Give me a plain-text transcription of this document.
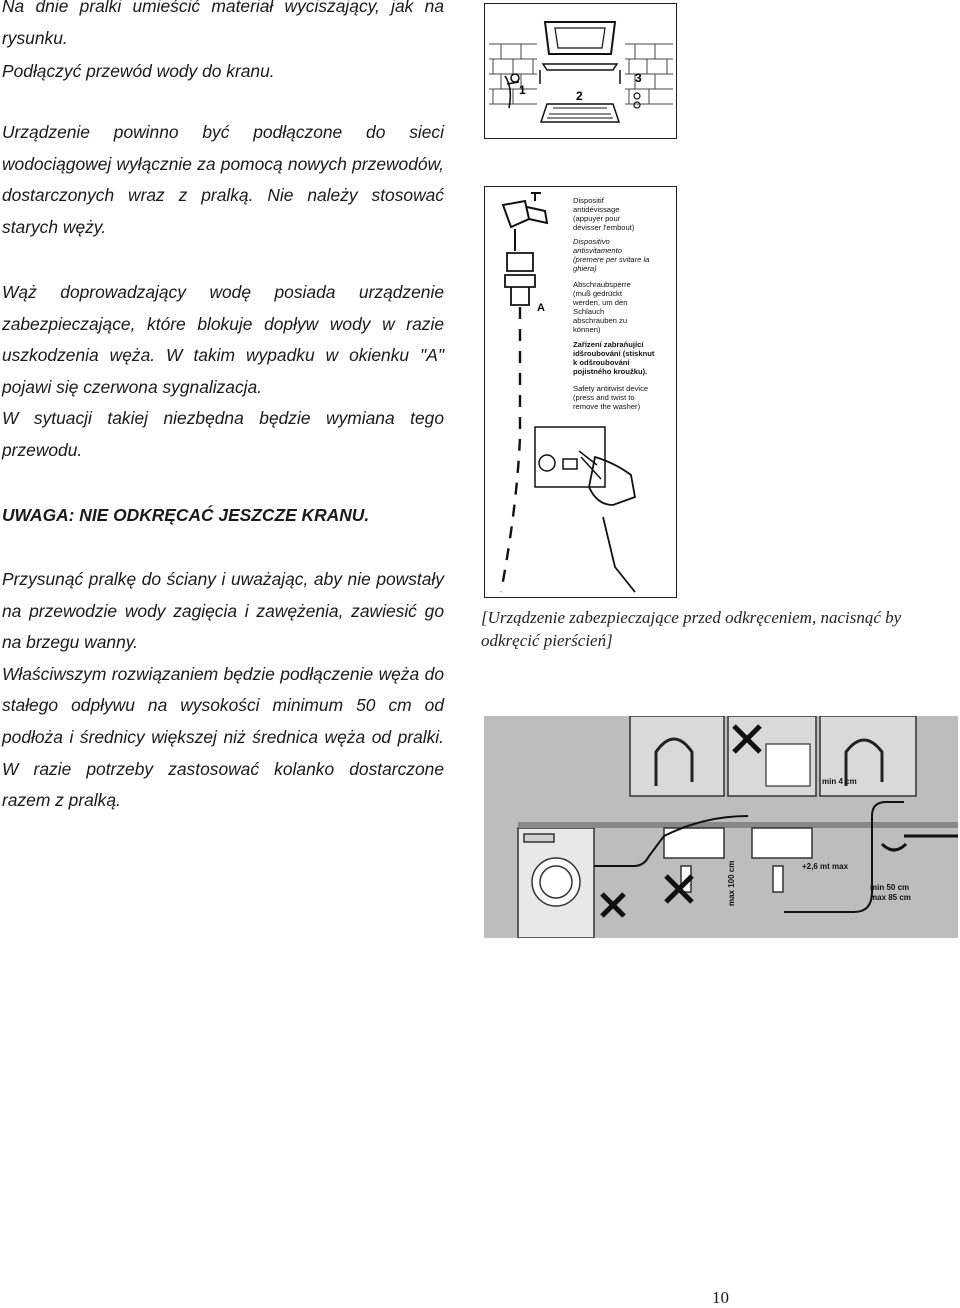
Na dnie pralki umieścić materiał wyciszający, jak na rysunku.

Podłączyć przewód wody do kranu.

Urządzenie powinno być podłączone do sieci wodociągowej wyłącznie za pomocą nowych przewodów, dostarczonych wraz z pralką. Nie należy stosować starych węży.

Wąż doprowadzający wodę posiada urządzenie zabezpieczające, które blokuje dopływ wody w razie uszkodzenia węża. W takim wypadku w okienku "A" pojawi się czerwona sygnalizacja.

W sytuacji takiej niezbędna będzie wymiana tego przewodu.

UWAGA: NIE ODKRĘCAĆ JESZCZE KRANU.

Przysunąć pralkę do ściany i uważając, aby nie powstały na przewodzie wody zagięcia i zawężenia, zawiesić go na brzegu wanny.

Właściwszym rozwiązaniem będzie podłączenie węża do stałego odpływu na wysokości minimum 50 cm od podłoża i średnicy większej niż średnica węża od pralki. W razie potrzeby zastosować kolanko dostarczone razem z pralką.

1	2
3
A
Dispositif antidévissage (appuyer pour dévisser l'embout)
Dispositivo antisvitamento (premere per svitare la ghiera)
Abschraubsperre (muß gedrückt werden, um den Schlauch abschrauben zu können)
Zařízení zabraňující idšroubování (stisknut k odšroubování pojistného kroužku).
Safety antitwist device (press and twist to remove the washer)
[Urządzenie zabezpieczające przed odkręceniem, nacisnąć by odkręcić pierścień]
min 4 cm
max 100 cm	+2,6 mt max
min 50 cm
max 85 cm
10
